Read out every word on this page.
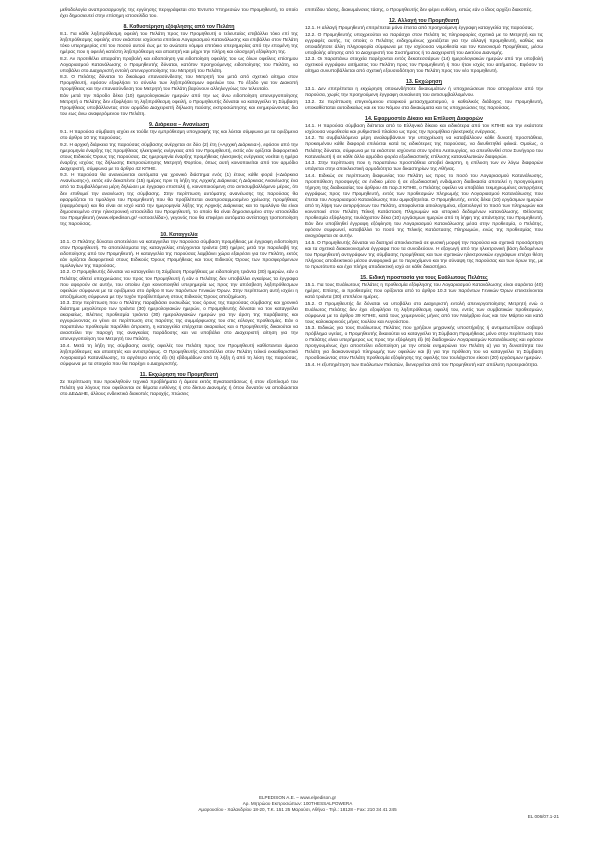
μεθοδολογία αναπροσαρμογής της εγγύησης περιγράφεται στο Έντυπο Υπηρεσιών του Προμηθευτή, το οποίο έχει δημοσιευτεί στην επίσημη ιστοσελίδα του.

8. Καθυστέρηση εξόφλησης από τον Πελάτη

8.1. Για κάθε ληξιπρόθεσμη οφειλή του Πελάτη προς τον Προμηθευτή ο τελευταίος επιβάλλει τόκο επί της ληξιπρόθεσμης οφειλής στον εκάστοτε ισχύοντα επιτόκιο Λογαριασμού Κατανάλωσης και επιβάλλει στον Πελάτη τόκο υπερημερίας επί του ποσού αυτού έως με το ανώτατο νόμιμο επιτόκιο υπερημερίας από την επομένη της ημέρας που η οφειλή κατέστη ληξιπρόθεσμη και απαιτητή και μέχρι την πλήρη και ολοσχερή εξόφληση της.

8.2. Αν προτιθέλει απαραίτη προβολή και ειδοποίηση για ειδοποίηση οφειλής του ως όλων οφείλεις επίσημου Λογαριασμού Κατανάλωσης ο Προμηθευτής δύναται, κατόπιν προηγούμενης ειδοποίησης του Πελάτη, να υποβάλει στο Διαχειριστή εντολή απενεργοποίησης του Μετρητή του Πελάτη.

8.3. Ο Πελάτης δύναται το δικαίωμα επανασύνδεσης του Μετρητή του μετά από σχετικό αίτημα στον Προμηθευτή, εφόσον εξοφλήσει το σύνολο των ληξιπρόθεσμων οφειλών του. Το έξοδο για τον Διακοπή προμήθειας και την επανασύνδεση του Μετρητή του Πελάτη βαρύνουν αλληλεγγύως τον τελευταίο.

Εάν μετά την πάροδο δέκα (10) ημερολογιακών ημερών από την ως άνω ειδοποίηση απενεργοποίησης Μετρητή ο Πελάτης δεν εξοφλήσει τη ληξιπρόθεσμη οφειλή, ο Προμηθευτής δύναται να καταγγείλει τη Σύμβαση Προμήθειας υποβάλλοντας στον αρμόδιο Διαχειριστή δήλωση παύσης εκπροσώπησης και ενημερώνοντας δια του εως άνω αναφερόμενου τον Πελάτη.

9. Διάρκεια – Ανανέωση

9.1. Η παρούσα σύμβαση ισχύει εκ τούδε την εμπρόθεσμη υπογραφής της και λύεται σύμφωνα με τα οριζόμενα στο άρθρο 10 της παρούσας.

9.2. Η αρχική διάρκεια της παρούσας σύμβασης ανέρχεται σε δύο (2) έτη («Αρχική Διάρκεια»), εφόσον από την ημερομηνία έναρξης της προμήθειας ηλεκτρικής ενέργειας από τον Προμηθευτή, εκτός εάν ορίζεται διαφορετικά στους Ειδικούς Όρους της παρούσας. Ως ημερομηνία έναρξης προμήθειας ηλεκτρικής ενέργειας νοείται η ημέρα έναρξης ισχύος της δήλωσης Εκπροσώπησης Μετρητή Φορτίου, όπως αυτή κοινοποιείται από τον αρμόδιο Διαχειριστή, σύμφωνα με το άρθρο 42 ΚΠΗΕ.

9.3. Η παρούσα θα ανανεώνεται αυτόματα για χρονικό διάστημα ενός (1) έτους κάθε φορά («Διάρκεια Ανανέωσης»), εκτός εάν δεκαπέντε (15) ημέρες πριν τη λήξη της Αρχικής Διάρκειας ή Διάρκειας Ανανέωσης ένα από τα Συμβαλλόμενα μέρη δηλώσει με έγγραφο επιστολή ή, κοινοποιούμενη στο αντισυμβαλλόμενο μέρος, ότι δεν επιθυμεί την ανανέωση της σύμβασης. Στην περίπτωση αυτόματης ανανέωσης της παρούσας θα εφαρμόζεται το τιμολόγιο του Προμηθευτή που θα προβλέπεται αναπροσαρμοσμένο χρέωσης προμήθειας (εφαρμόσιμο) και θα είναι σε ισχύ κατά την ημερομηνία λήξης της Αρχικής Διάρκειας και το τιμολόγιο θα είναι δημοσιευμένο στην ηλεκτρονική ιστοσελίδα του Προμηθευτή, το οποίο θα είναι δημοσιευμένο στην ιστοσελίδα του Προμηθευτή (www.elpedison.gr/ «ιστοσελίδα»), γεγονός που θα επιφέρει αυτόματα αντίστοιχη τροποποίηση της παρούσας.

10. Καταγγελία

10.1. Ο Πελάτης δύναται αποτελέσει να καταγγείλει την παρούσα σύμβαση προμήθειας με έγγραφη ειδοποίηση στον Προμηθευτή. Το αποτελέσματα της καταγγελίας επέρχονται τριάντα (30) ημέρες μετά την παραλαβή της ειδοποίησης από τον Προμηθευτή. Η καταγγελία της παρούσας λαμβάνει χώρα εξαιρέσει για τον Πελάτη, εκτός εάν ορίζεται διαφορετικά στους Ειδικούς Όρους Προμήθειας και τους Ειδικούς Όρους των προσφερόμενων τιμολογίων της παρούσας.

10.2. Ο Προμηθευτής δύναται να καταγγείλει τη Σύμβαση Προμήθειας με ειδοποίηση τριάντα (30) ημερών, εάν ο Πελάτης αθετεί υποχρεώσεις του προς τον Προμηθευτή ή εάν ο Πελάτης δεν υποβάλλει εγκαίρως τα έγγραφα που αφορούν σε αυτήν, του οποίου έχει κοινοποιηθεί υπερημερία ως προς την απόσβεση ληξιπρόθεσμων οφειλών σύμφωνα με τα οριζόμενα στο άρθρο 8 των παρόντων Γενικών Όρων. Στην περίπτωση αυτή ισχύει η αποζημίωση σύμφωνα με την τυχόν προβλεπόμενη στους Ειδικούς Όρους αποζημίωση.

10.3. Στην περίπτωση που ο Πελάτης παραβιάσει ουσιωδώς τους όρους της παρούσας σύμβασης και χρονικό διάστημα μεγαλύτερο των τριάντα (30) ημερολογιακών ημερών, ο Προμηθευτής δύναται να τον καταγγείλει ακαριαίως. Βλέπεις προθεσμία τριάντα (30) ημερολογιακών ημερών για την άρση της παράβασης και εγγυρώνοντας εν γένει σε περίπτωση στις παρύτης της συμμόρφωσης του στις εύλογες προθεσμίες. Εάν ο παραπάνω προθεσμία παρέλθει άπρακτη, η καταγγελία επέρχεται ακαριαίως και ο Προμηθευτής δικαιούται να αναστείλει την παροχή της αναγκαίας παράδοσης και να υποβάλει στο Διαχειριστή αίτηση για την απενεργοποίηση του Μετρητή του Πελάτη.

10.4. Μετά τη λήξη της σύμβασης αυτής οφειλές του Πελάτη προς τον Προμηθευτή καθίστανται άμεσα ληξιπρόθεσμες και απαιτητές και αντιστρόφως. Ο Προμηθευτής αποστέλλει στον Πελάτη τελικό εκκαθαριστικό Λογαριασμό Κατανάλωσης, το αργότερο εντός έξι (6) εβδομάδων από τη λήξη ή από τη λύση της παρούσας, σύμφωνα με τα στοιχεία που θα παρέχει ο Διαχειριστής.

11. Εκχώρηση του Προμηθευτή

Σε περίπτωση που προκληθούν τεχνικά προβλήματα ή άμεσα εκτός Εγκαταστάσεως ή στον εξοπλισμό του Πελάτη για λόγους που οφείλονται σε θέματα ευθύνης ή στο δίκτυο Διανομής ή όπου δυνατόν να αποδώσεται στο ΔΕΔΔΗΕ, άλλους ενδεικτικά διακοπές παροχής, πτώσεις

επιπέδου τάσης, διακυμάνσεις τάσης, ο Προμηθευτής δεν φέρει ευθύνη, ειπώς εάν ο ίδιος αρχίζει διακοπές.

12. Αλλαγή του Προμηθευτή

12.1. Η αλλαγή Προμηθευτή επιτρέπεται μόνο έπειτα από προηγούμενη έγγραφη καταγγελία της παρούσας.

12.2. Ο Προμηθευτής υποχρεούται να παράσχει στον Πελάτη τις πληροφορίες σχετικά με το Μετρητή και τις εγγραφές αυτής, τις οποίες ο Πελάτης ενδεχομένως χρειάζεται για την αλλαγή προμηθευτή, καθώς και οποιαδήποτε άλλη πληροφορία σύμφωνα με την ισχύουσα νομοθεσία και τον Κανονισμό Προμήθειας, μέσω υποβολής αίτησης από το Διαχειριστή του Συστήματος ή το Διαχειριστή του Δικτύου Διανομής.

12.3. Οι παραπάνω στοιχεία παρέχονται εντός δεκατεσσάρων (14) ημερολογιακών ημερών από την υποβολή σχετικού εγγράφου αιτήματος του Πελάτη προς τον Προμηθευτή ή που ήταν ισχύς του αιτήματος. Εφόσον το αίτημα συνυποβάλλεται από σχετική εξουσιοδότηση του Πελάτη προς τον νέο προμηθευτή.

13. Εκχώρηση

13.1. Δεν επιτρέπεται η εκχώρηση οποιωνδήποτε δικαιωμάτων ή υποχρεώσεων που απορρέουν από την παρούσα, χωρίς την προηγούμενη έγγραφη συναίνεση του αντισυμβαλλομένου.

13.2. Σε περίπτωση επιγενόμενου εταιρικού μετασχηματισμού, ο καθολικός διάδοχος του Προμηθευτή, υποκαθίσταται αυτοδικαίως και εκ του Νόμου στα δικαιώματα και τις υποχρεώσεις της παρούσας.

14. Εφαρμοστέο Δίκαιο και Επίλυση Διαφορών

14.1. Η παρούσα σύμβαση διέπεται από το Ελληνικό δίκαιο και ειδικότερα από τον ΚΠΗΕ και την εκάστοτε ισχύουσα νομοθεσία και ρυθμιστικό πλαίσιο ως προς την προμήθεια ηλεκτρικής ενέργειας.

14.2. Τα συμβαλλόμενα μέρη αναλαμβάνουν την υποχρέωση να καταβάλλουν κάθε δυνατή προσπάθεια, προκειμένου κάθε διαφορά επιλύεται κατά τις ειδικότερες της παρούσας, να διευθετηθεί φιλικά. Ομοίως, ο Πελάτης δύναται, σύμφωνα με τα εκάστοτε ισχύοντα στον τρόπο Λειτουργίας, να απευθυνθεί στον Συνήγορο του Καταναλωτή ή σε κάθε άλλο αρμόδιο φορέα εξωδικαστικής επίλυσης καταναλωτικών διαφορών.

14.3. Στην περίπτωση που η παραπάνω προσπάθεια αποβεί άκαρπη, η επίλυση των εν λόγω διαφορών υπάγεται στην αποκλειστική αρμοδιότητα των δικαστηρίων της Αθήνας.

14.4. Ειδικώς σε περίπτωση διαφωνίας του Πελάτη ως προς το ποσό του Λογαριασμού Κατανάλωσης, προϋπόθεση προσφυγής σε ένδικο μέσο ή σε εξωδικαστική ενδιάμεση διαδικασία αποτελεί η προηγούμενη τήρηση της διαδικασίας του άρθρου 45 παρ.3 ΚΠΗΕ, ο Πελάτης οφείλει να υποβάλει τεκμηριωμένες αντιρρήσεις εγγράφως προς τον Προμηθευτή, εντός των προθεσμιών πληρωμής του Λογαριασμού Κατανάλωσης που έπεται του Λογαριασμού Κατανάλωσης που αμφισβητείται. Ο Προμηθευτής, εντός δέκα (10) εργάσιμων ημερών από τη λήψη των αντιρρήσεων του Πελάτη, αποφαίνεται αιτιολογημένα, εξαιτιολογεί το ποσό των πληρωμών και κοινοποιεί στον Πελάτη Τελική Κατάσταση Πληρωμών και ιστορικό δεδομένων κατανάλωσης. Θέλοντας προθεσμία εξόφλησης τουλάχιστον δέκα (10) εργάσιμων ημερών από τη λήψη της απάντησης του Προμηθευτή. Εάν δεν υποβληθεί έγγραφη εξόφληση του Λογαριασμού Κατανάλωσης μέσα στην προθεσμία, ο Πελάτης, εφόσον συμφωνεί, καταβάλλει το ποσό της Τελικής Κατάστασης Πληρωμών, ενώς της προθεσμίας που αναγράφεται σε αυτήν.

14.5. Ο Προμηθευτής δύναται να διατηρεί αποκλειστικά σε φυσική μορφή την παρούσα και σχετικά προσάρτηση και τα σχετικά διακανονισμένα έγγραφα που τα συνοδεύουν. Η εξαγωγή από την ηλεκτρονική βάση δεδομένων του Προμηθευτή αντιγράφων της σύμβασης προμήθειας και των σχετικών ηλεκτρονικών εγγράφων επέχει θέση πλήρους αποδεικτικού μέσου αναφορικά με το περιεχόμενο και την σύναψη της παρούσας και των όρων της, με το πρωτότυπο και έχει πλήρη αποδεικτική ισχύ σε κάθε δικαστήριο.

15. Ειδική προστασία για τους Ευάλωτους Πελάτες

15.1. Για τους Ευάλωτους Πελάτες η προθεσμία εξόφλησης του Λογαριασμού Κατανάλωσης είναι σαράντα (40) ημέρες. Επίσης, οι προθεσμίες που ορίζονται από το άρθρο 10.3 των παρόντων Γενικών Όρων επεκτείνονται κατά τριάντα (30) επιπλέον ημέρες.

15.2. Ο Προμηθευτής δε δύναται να υποβάλει στο Διαχειριστή εντολή απενεργοποίησης Μετρητή ενώ ο Ευάλωτος Πελάτης δεν έχει εξοφλήσει τη ληξιπρόθεσμη οφειλή του, εντός των συμβατικών προθεσμιών, σύμφωνα με το άρθρο 39 ΚΠΗΕ, κατά τους χειμερινούς μήνες από τον Νοέμβριο έως και τον Μάρτιο και κατά τους καλοκαιρινούς μήνες Ιουλίου και Αυγούστου.

15.3. Ειδικώς για τους Ευάλωτους Πελάτες που χρήζουν μηχανικής υποστήριξης ή αντιμετωπίζουν σοβαρό πρόβλημα υγείας, ο Προμηθευτής δικαιούται να καταγγείλει τη Σύμβαση Προμήθειας μόνο στην περίπτωση που ο Πελάτης είναι υπερήμερος ως προς την εξόφληση έξι (6) διαδοχικών Λογαριασμών Κατανάλωσης και εφόσον προηγουμένως έχει αποστείλει ειδοποίηση με την οποία ενημερώνει τον Πελάτη α) για τη δυνατότητα του Πελάτη για διακανονισμό πληρωμής των οφειλών και β) για την πρόθεση του να καταγγείλει τη Σύμβαση προσδοκώντας στον Πελάτη προθεσμία εξόφλησης της οφειλής του τουλάχιστον είκοσι (20) εργάσιμων ημερών.

15.4. Η εξυπηρέτηση των Ευάλωτων Πελατών, διενεργείται από τον Προμηθευτή κατ' απόλυτη προτεραιότητα.

ELPEDISON A.E. – www.elpedison.gr
Αρ. Μητρώου Εκπροσώπων: 100THESSALPOWERA
Αμαρουσίου - Χαλανδρίου 18-20, Τ.Κ. 151 25 Μαρούσι, Αθήνα - Τηλ.: 18128 - Fax: 210 34 41 245
EL 006/07.1-21
